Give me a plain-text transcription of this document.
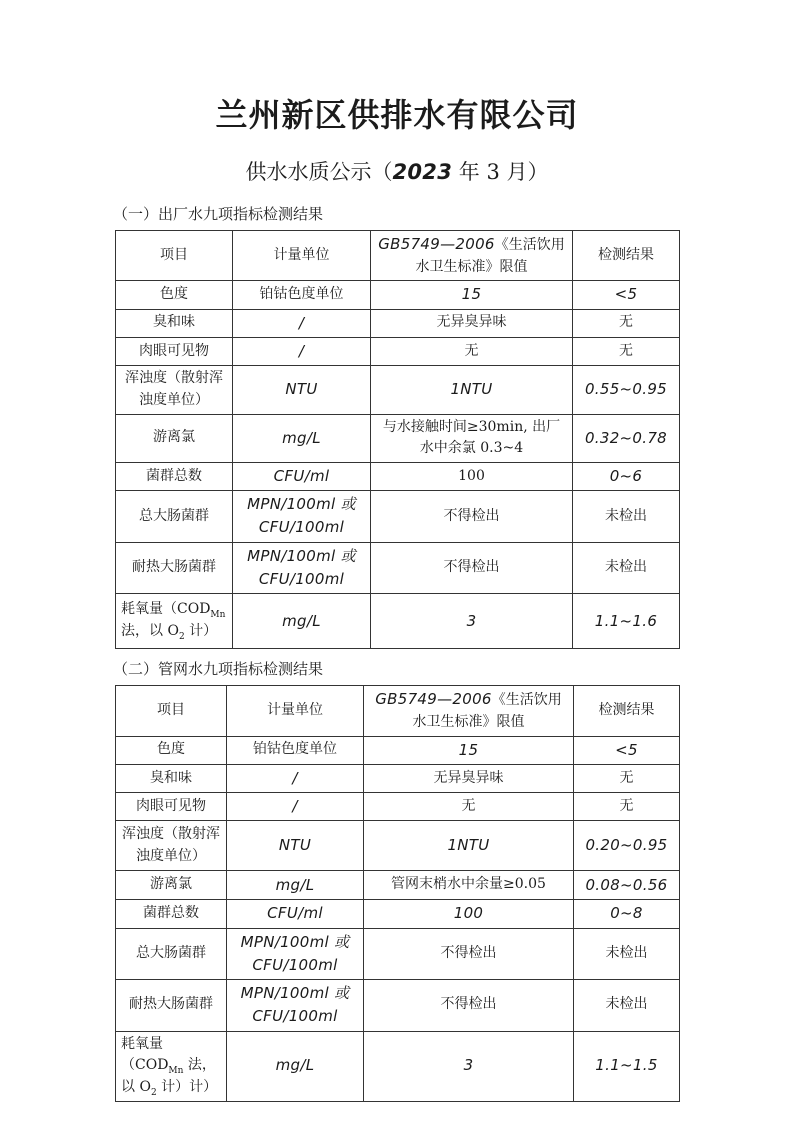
兰州新区供排水有限公司
供水水质公示（2023 年 3 月）
（一）出厂水九项指标检测结果
项目	计量单位	GB5749—2006《生活饮用水卫生标准》限值	检测结果
色度	铂钴色度单位	15	<5
臭和味	/	无异臭异味	无
肉眼可见物	/	无	无
浑浊度（散射浑浊度单位）	NTU	1NTU	0.55~0.95
游离氯	mg/L	与水接触时间≥30min, 出厂水中余氯 0.3~4	0.32~0.78
菌群总数	CFU/ml	100	0~6
总大肠菌群	MPN/100ml 或 CFU/100ml	不得检出	未检出
耐热大肠菌群	MPN/100ml 或 CFU/100ml	不得检出	未检出
耗氧量（$COD_{Mn}$ 法，以 $O_2$ 计）	mg/L	3	1.1~1.6
（二）管网水九项指标检测结果
项目	计量单位	GB5749—2006《生活饮用水卫生标准》限值	检测结果
色度	铂钴色度单位	15	<5
臭和味	/	无异臭异味	无
肉眼可见物	/	无	无
浑浊度（散射浑浊度单位）	NTU	1NTU	0.20~0.95
游离氯	mg/L	管网末梢水中余量≥0.05	0.08~0.56
菌群总数	CFU/ml	100	0~8
总大肠菌群	MPN/100ml 或 CFU/100ml	不得检出	未检出
耐热大肠菌群	MPN/100ml 或 CFU/100ml	不得检出	未检出
耗氧量（$COD_{Mn}$ 法，以 $O_2$ 计）计）	mg/L	3	1.1~1.5
